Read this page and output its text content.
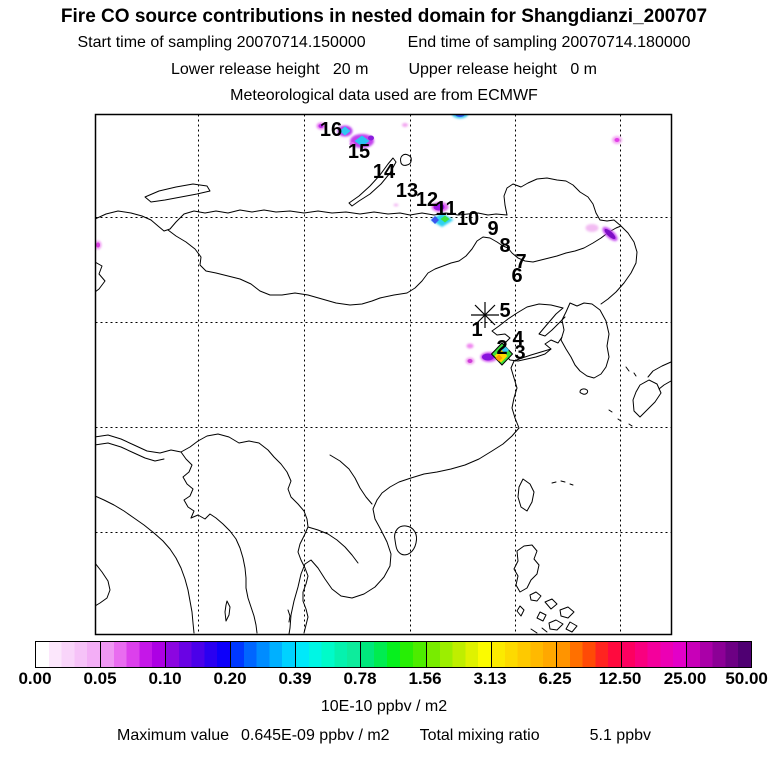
Fire CO source contributions in nested domain for Shangdianzi_200707
Start time of sampling 20070714.150000	End time of sampling 20070714.180000
Lower release height   20 m	Upper release height   0 m
Meteorological data used are from ECMWF
1
2 3
4
5
6
7
8
9
10
11
12
13
14
15
16
0.00 0.05 0.10 0.20 0.39 0.78 1.56 3.13 6.25 12.50 25.00 50.00
10E-10 ppbv / m2
Maximum value 0.645E-09 ppbv / m2 Total mixing ratio	5.1 ppbv
